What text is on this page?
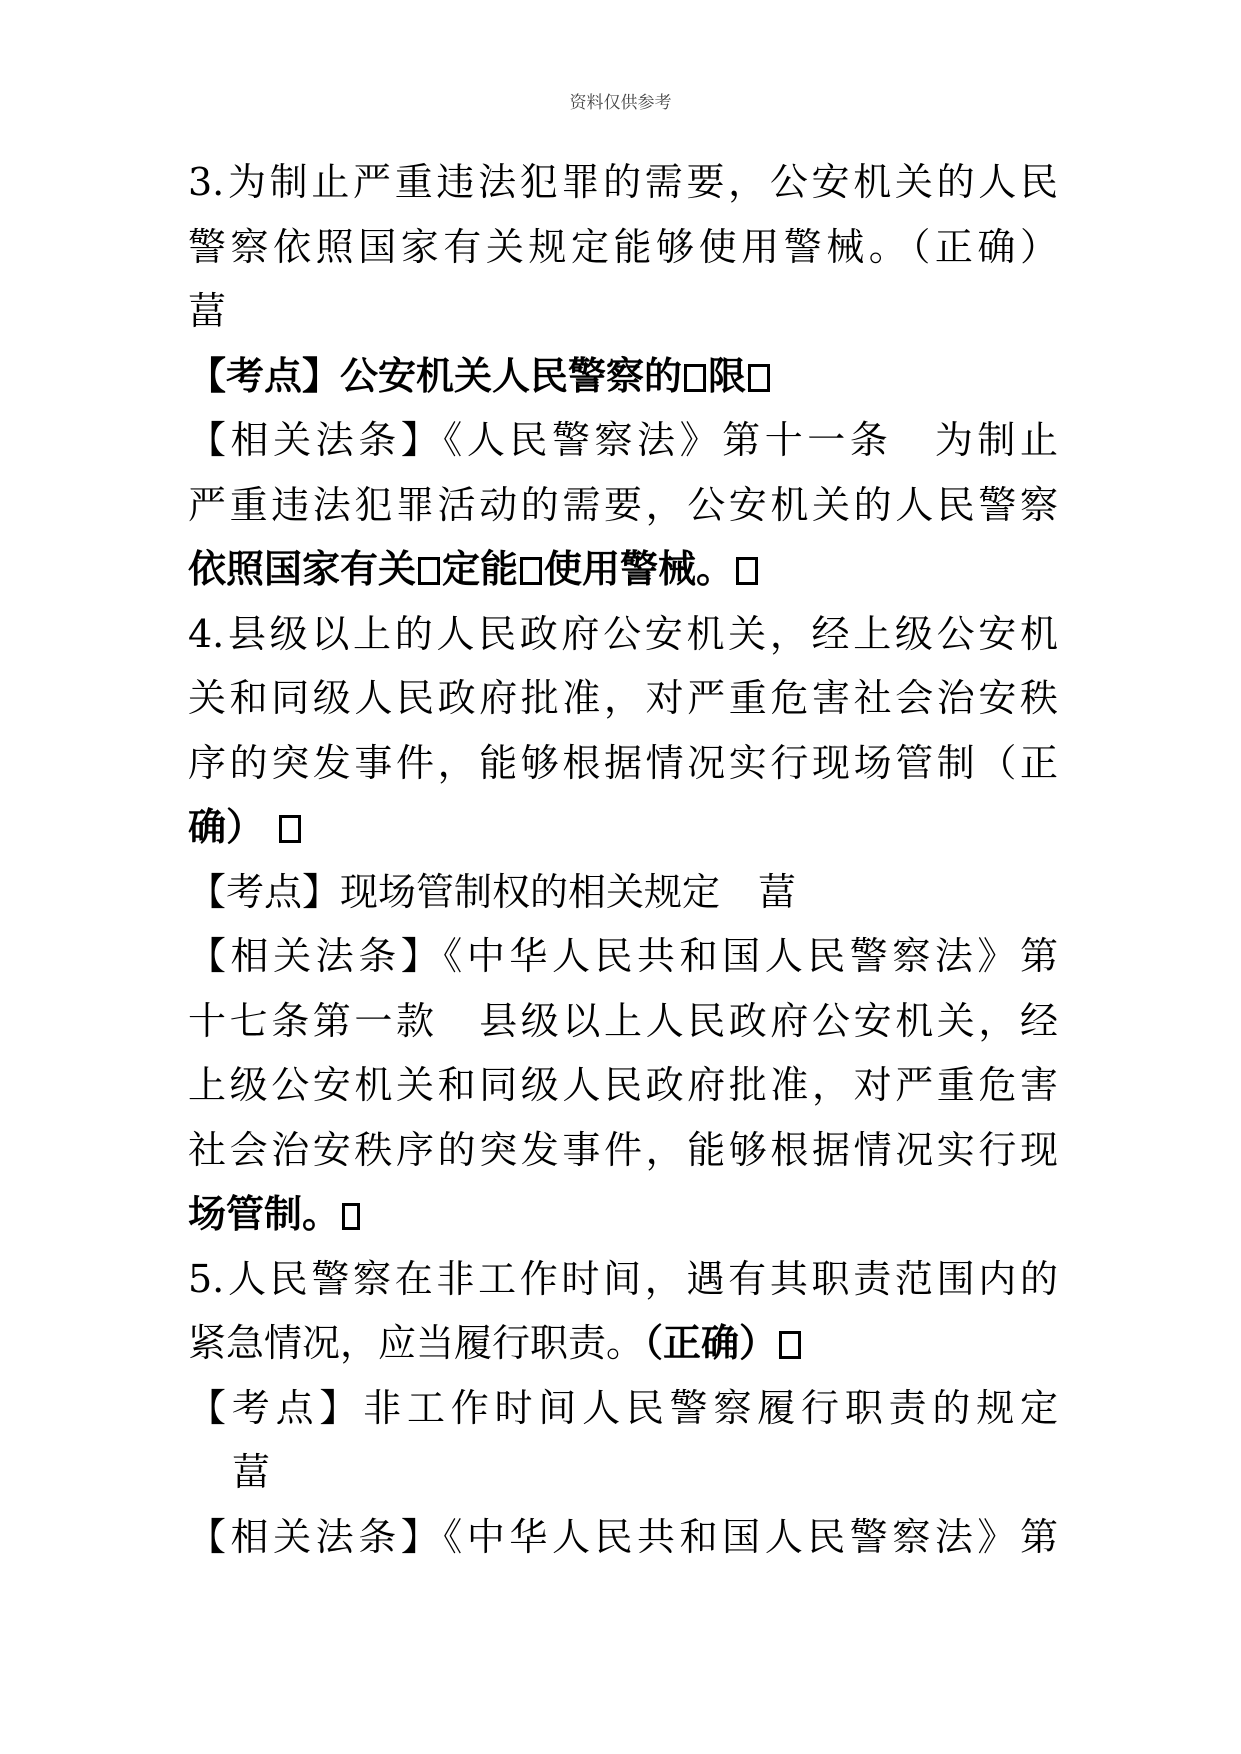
资料仅供参考
3.为制止严重违法犯罪的需要，公安机关的人民
警察依照国家有关规定能够使用警械。（正确）
葍
【考点】公安机关人民警察的 限
【相关法条】《人民警察法》第十一条　为制止
严重违法犯罪活动的需要，公安机关的人民警察
依照国家有关 定能 使用警械。
4.县级以上的人民政府公安机关，经上级公安机
关和同级人民政府批准，对严重危害社会治安秩
序的突发事件，能够根据情况实行现场管制（正
确）
【考点】现场管制权的相关规定　葍
【相关法条】《中华人民共和国人民警察法》第
十七条第一款　县级以上人民政府公安机关，经
上级公安机关和同级人民政府批准，对严重危害
社会治安秩序的突发事件，能够根据情况实行现
场管制。
5.人民警察在非工作时间，遇有其职责范围内的
紧急情况，应当履行职责。（正确）
【考点】非工作时间人民警察履行职责的规定
葍
【相关法条】《中华人民共和国人民警察法》第
